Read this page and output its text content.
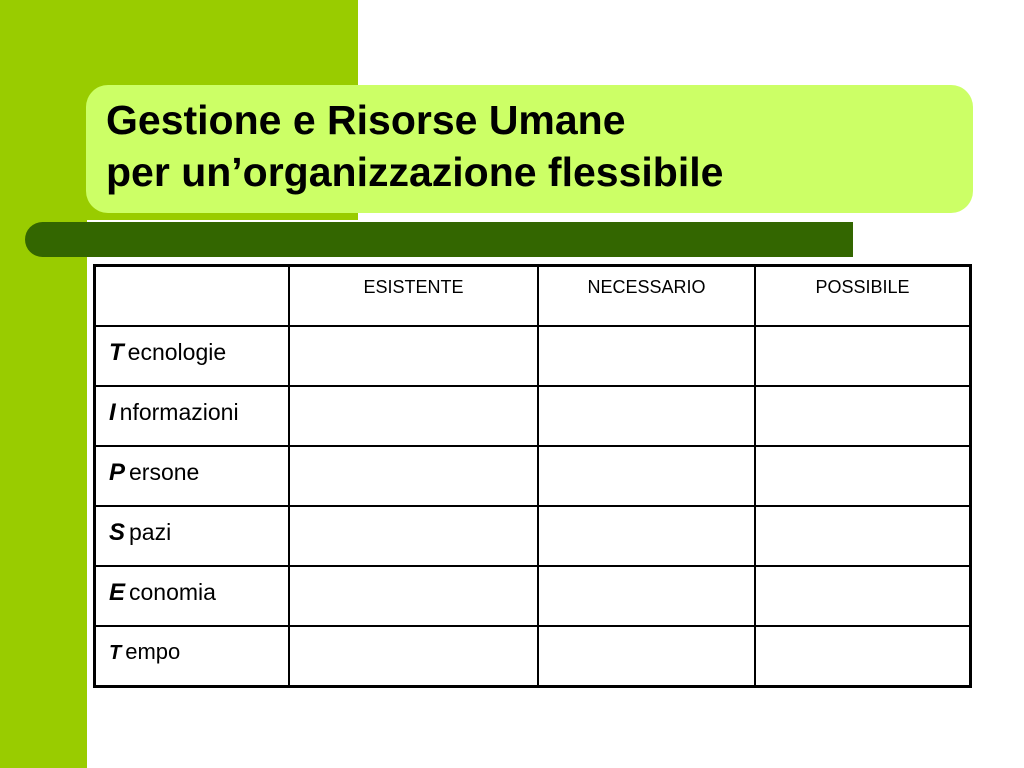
Gestione e Risorse Umane
per un’organizzazione flessibile
	ESISTENTE	NECESSARIO	POSSIBILE
T ecnologie			
I nformazioni			
P ersone			
S pazi			
E conomia			
T empo			
